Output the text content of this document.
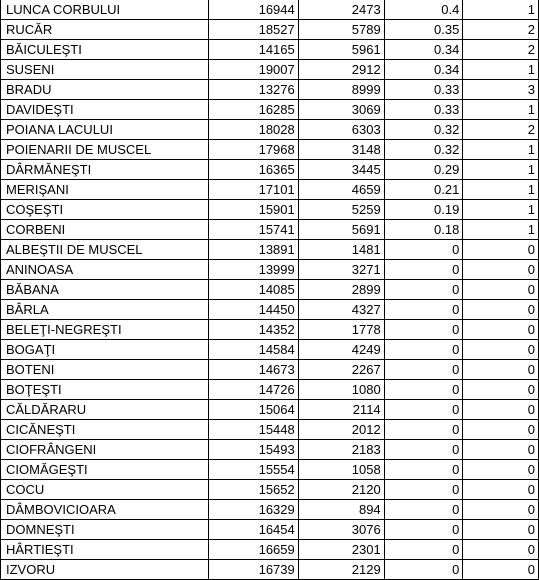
LUNCA CORBULUI	16944	2473	0.4	1
RUCĂR	18527	5789	0.35	2
BĂICULEŞTI	14165	5961	0.34	2
SUSENI	19007	2912	0.34	1
BRADU	13276	8999	0.33	3
DAVIDEŞTI	16285	3069	0.33	1
POIANA LACULUI	18028	6303	0.32	2
POIENARII DE MUSCEL	17968	3148	0.32	1
DÂRMĂNEŞTI	16365	3445	0.29	1
MERIŞANI	17101	4659	0.21	1
COŞEŞTI	15901	5259	0.19	1
CORBENI	15741	5691	0.18	1
ALBEŞTII DE MUSCEL	13891	1481	0	0
ANINOASA	13999	3271	0	0
BĂBANA	14085	2899	0	0
BÂRLA	14450	4327	0	0
BELEŢI-NEGREŞTI	14352	1778	0	0
BOGAŢI	14584	4249	0	0
BOTENI	14673	2267	0	0
BOŢEŞTI	14726	1080	0	0
CĂLDĂRARU	15064	2114	0	0
CICĂNEŞTI	15448	2012	0	0
CIOFRÂNGENI	15493	2183	0	0
CIOMĂGEŞTI	15554	1058	0	0
COCU	15652	2120	0	0
DÂMBOVICIOARA	16329	894	0	0
DOMNEŞTI	16454	3076	0	0
HÂRTIEŞTI	16659	2301	0	0
IZVORU	16739	2129	0	0
